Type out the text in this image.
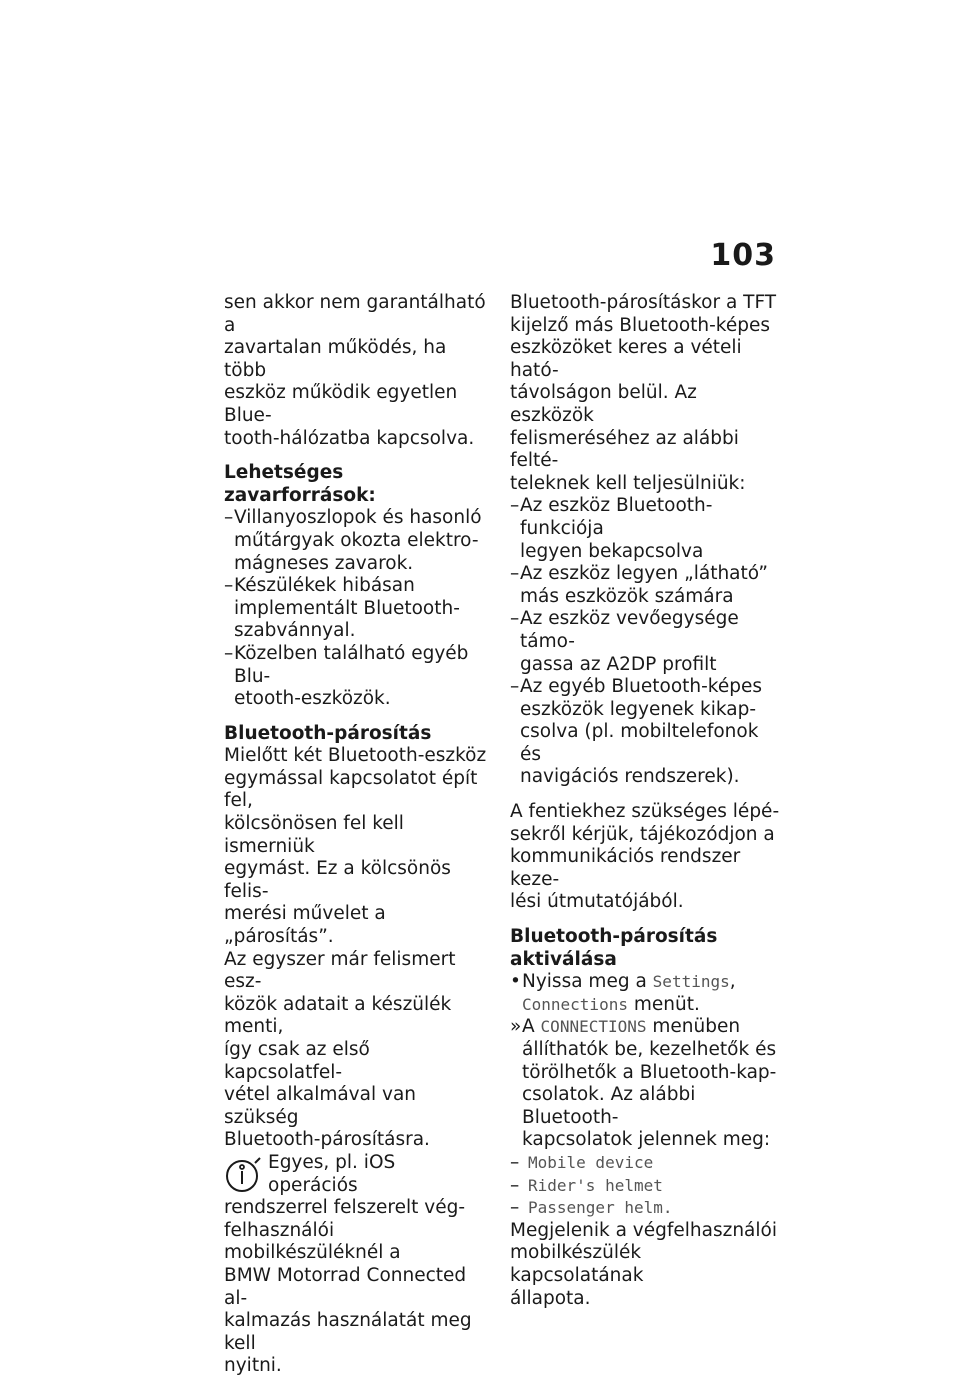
103

sen akkor nem garantálható a
zavartalan működés, ha több
eszköz működik egyetlen Blue-
tooth-hálózatba kapcsolva.

Lehetséges zavarforrások:

– Villanyoszlopok és hasonló
műtárgyak okozta elektro-
mágneses zavarok.
– Készülékek hibásan
implementált Bluetooth-
szabvánnyal.
– Közelben található egyéb Blu-
etooth-eszközök.

Bluetooth-párosítás

Mielőtt két Bluetooth-eszköz
egymással kapcsolatot épít fel,
kölcsönösen fel kell ismerniük
egymást. Ez a kölcsönös felis-
merési művelet a „párosítás”.
Az egyszer már felismert esz-
közök adatait a készülék menti,
így csak az első kapcsolatfel-
vétel alkalmával van szükség
Bluetooth-párosításra.

Egyes, pl. iOS operációs
rendszerrel felszerelt vég-
felhasználói mobilkészüléknél a
BMW Motorrad Connected al-
kalmazás használatát meg kell
nyitni.

Bluetooth-párosításkor a TFT
kijelző más Bluetooth-képes
eszközöket keres a vételi ható-
távolságon belül. Az eszközök
felismeréséhez az alábbi felté-
teleknek kell teljesülniük:

– Az eszköz Bluetooth-funkciója
legyen bekapcsolva
– Az eszköz legyen „látható”
más eszközök számára
– Az eszköz vevőegysége támo-
gassa az A2DP profilt
– Az egyéb Bluetooth-képes
eszközök legyenek kikap-
csolva (pl. mobiltelefonok és
navigációs rendszerek).

A fentiekhez szükséges lépé-
sekről kérjük, tájékozódjon a
kommunikációs rendszer keze-
lési útmutatójából.

Bluetooth-párosítás aktiválása

• Nyissa meg a Settings,
Connections menüt.
» A CONNECTIONS menüben
állíthatók be, kezelhetők és
törölhetők a Bluetooth-kap-
csolatok. Az alábbi Bluetooth-
kapcsolatok jelennek meg:
– Mobile device
– Rider's helmet
– Passenger helm.

Megjelenik a végfelhasználói
mobilkészülék kapcsolatának
állapota.
